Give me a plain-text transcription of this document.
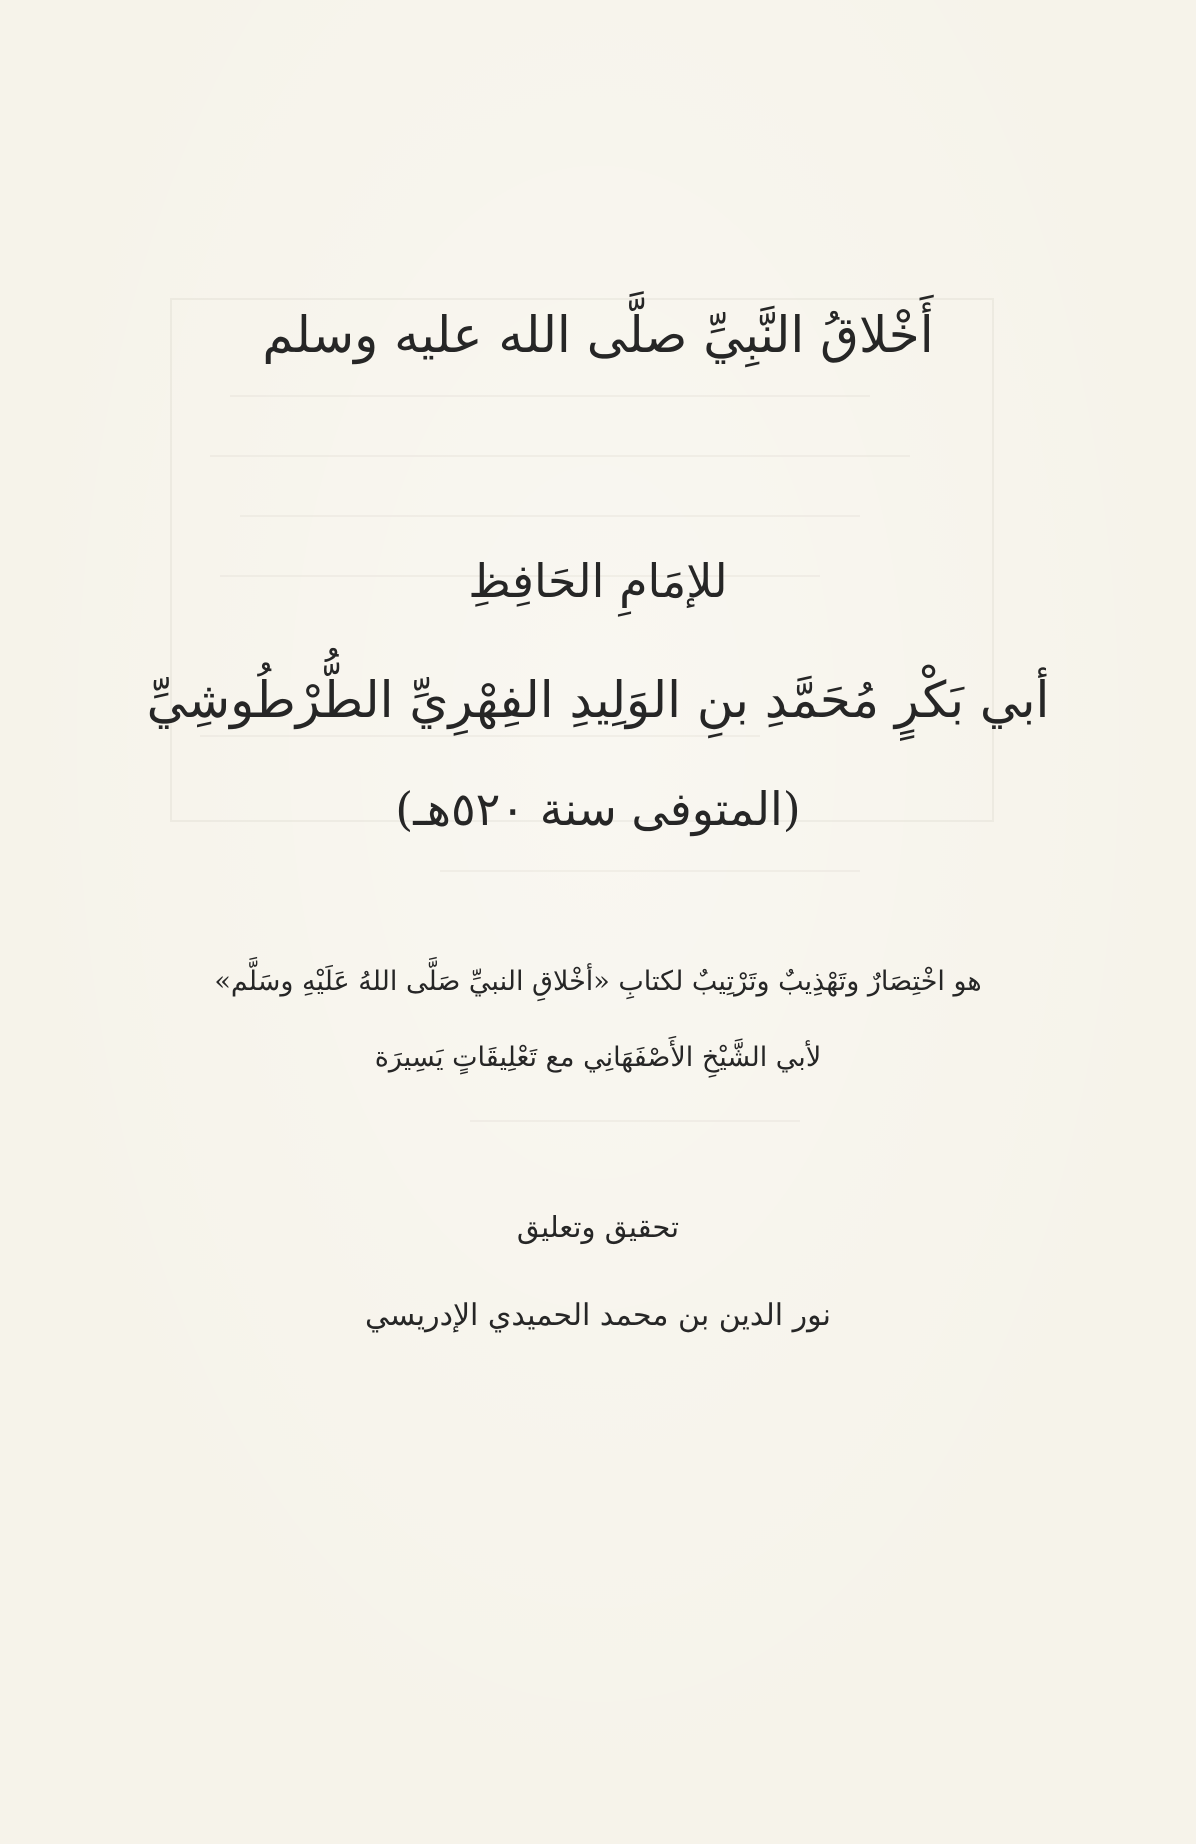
أَخْلاقُ النَّبِيِّ صلَّى الله عليه وسلم

للإمَامِ الحَافِظِ

أبي بَكْرٍ مُحَمَّدِ بنِ الوَلِيدِ الفِهْرِيِّ الطُّرْطُوشِيِّ

(المتوفى سنة ٥٢٠هـ)

هو اخْتِصَارٌ وتَهْذِيبٌ وتَرْتِيبٌ لكتابِ «أخْلاقِ النبيِّ صَلَّى اللهُ عَلَيْهِ وسَلَّم»

لأبي الشَّيْخِ الأَصْفَهَانِي مع تَعْلِيقَاتٍ يَسِيرَة

تحقيق وتعليق

نور الدين بن محمد الحميدي الإدريسي
